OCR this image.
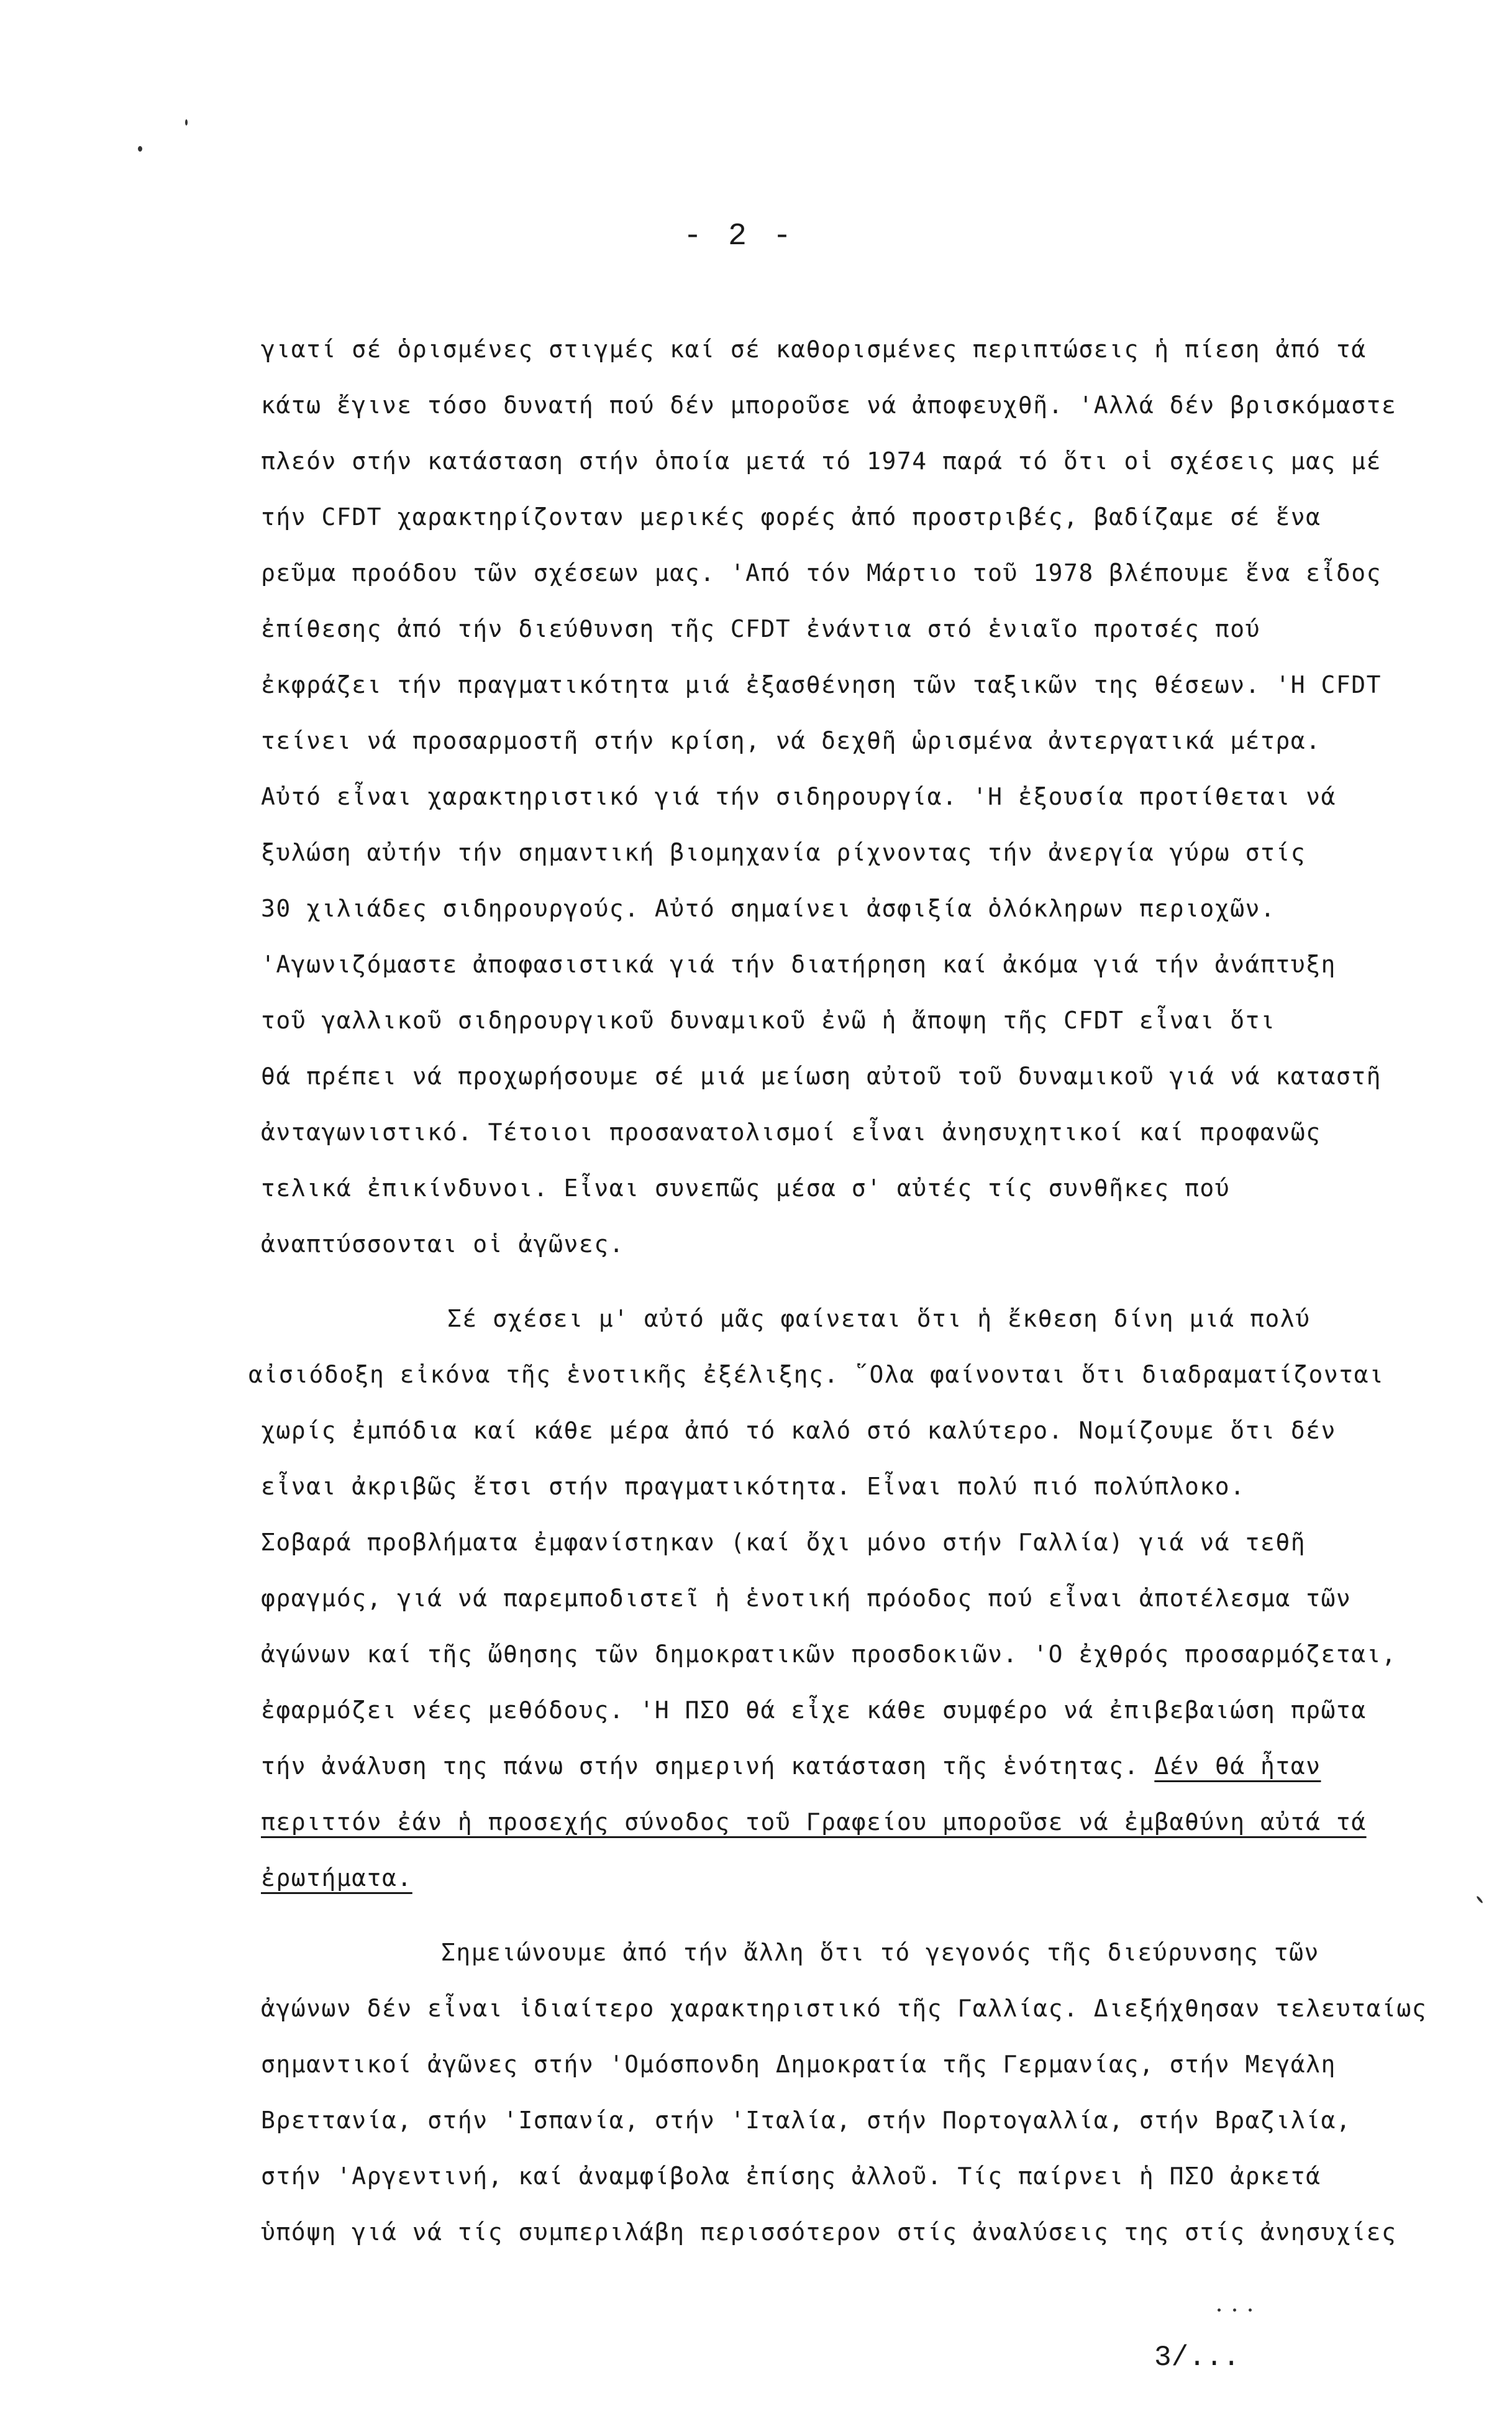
- 2 -
γιατί σέ ὁρισμένες στιγμές καί σέ καθορισμένες περιπτώσεις ἡ πίεση ἀπό τά
κάτω ἔγινε τόσο δυνατή πού δέν μποροῦσε νά ἀποφευχθῆ. 'Αλλά δέν βρισκόμαστε
πλεόν στήν κατάσταση στήν ὁποία μετά τό 1974 παρά τό ὅτι οἱ σχέσεις μας μέ
τήν CFDT χαρακτηρίζονταν μερικές φορές ἀπό προστριβές, βαδίζαμε σέ ἕνα
ρεῦμα προόδου τῶν σχέσεων μας. 'Από τόν Μάρτιο τοῦ 1978 βλέπουμε ἕνα εἶδος
ἐπίθεσης ἀπό τήν διεύθυνση τῆς CFDT ἐνάντια στό ἑνιαῖο προτσές πού
ἐκφράζει τήν πραγματικότητα μιά ἐξασθένηση τῶν ταξικῶν της θέσεων. 'Η CFDT
τείνει νά προσαρμοστῆ στήν κρίση, νά δεχθῆ ὡρισμένα ἀντεργατικά μέτρα.
Αὐτό εἶναι χαρακτηριστικό γιά τήν σιδηρουργία. 'Η ἐξουσία προτίθεται νά
ξυλώση αὐτήν τήν σημαντική βιομηχανία ρίχνοντας τήν ἀνεργία γύρω στίς
30 χιλιάδες σιδηρουργούς. Αὐτό σημαίνει ἀσφιξία ὁλόκληρων περιοχῶν.
'Αγωνιζόμαστε ἀποφασιστικά γιά τήν διατήρηση καί ἀκόμα γιά τήν ἀνάπτυξη
τοῦ γαλλικοῦ σιδηρουργικοῦ δυναμικοῦ ἐνῶ ἡ ἄποψη τῆς CFDT εἶναι ὅτι
θά πρέπει νά προχωρήσουμε σέ μιά μείωση αὐτοῦ τοῦ δυναμικοῦ γιά νά καταστῆ
ἀνταγωνιστικό. Τέτοιοι προσανατολισμοί εἶναι ἀνησυχητικοί καί προφανῶς
τελικά ἐπικίνδυνοι. Εἶναι συνεπῶς μέσα σ' αὐτές τίς συνθῆκες πού
ἀναπτύσσονται οἱ ἀγῶνες.
Σέ σχέσει μ' αὐτό μᾶς φαίνεται ὅτι ἡ ἔκθεση δίνη μιά πολύ
αἰσιόδοξη εἰκόνα τῆς ἑνοτικῆς ἐξέλιξης. ῞Ολα φαίνονται ὅτι διαδραματίζονται
χωρίς ἐμπόδια καί κάθε μέρα ἀπό τό καλό στό καλύτερο. Νομίζουμε ὅτι δέν
εἶναι ἀκριβῶς ἔτσι στήν πραγματικότητα. Εἶναι πολύ πιό πολύπλοκο.
Σοβαρά προβλήματα ἐμφανίστηκαν (καί ὄχι μόνο στήν Γαλλία) γιά νά τεθῆ
φραγμός, γιά νά παρεμποδιστεῖ ἡ ἑνοτική πρόοδος πού εἶναι ἀποτέλεσμα τῶν
ἀγώνων καί τῆς ὤθησης τῶν δημοκρατικῶν προσδοκιῶν. 'Ο ἐχθρός προσαρμόζεται,
ἐφαρμόζει νέες μεθόδους. 'Η ΠΣΟ θά εἶχε κάθε συμφέρο νά ἐπιβεβαιώση πρῶτα
τήν ἀνάλυση της πάνω στήν σημερινή κατάσταση τῆς ἑνότητας. Δέν θά ἦταν
περιττόν ἐάν ἡ προσεχής σύνοδος τοῦ Γραφείου μποροῦσε νά ἐμβαθύνη αὐτά τά
ἐρωτήματα.
Σημειώνουμε ἀπό τήν ἄλλη ὅτι τό γεγονός τῆς διεύρυνσης τῶν
ἀγώνων δέν εἶναι ἰδιαίτερο χαρακτηριστικό τῆς Γαλλίας. Διεξήχθησαν τελευταίως
σημαντικοί ἀγῶνες στήν 'Ομόσπονδη Δημοκρατία τῆς Γερμανίας, στήν Μεγάλη
Βρεττανία, στήν 'Ισπανία, στήν 'Ιταλία, στήν Πορτογαλλία, στήν Βραζιλία,
στήν 'Αργεντινή, καί ἀναμφίβολα ἐπίσης ἀλλοῦ. Τίς παίρνει ἡ ΠΣΟ ἀρκετά
ὑπόψη γιά νά τίς συμπεριλάβη περισσότερον στίς ἀναλύσεις της στίς ἀνησυχίες
3/...
